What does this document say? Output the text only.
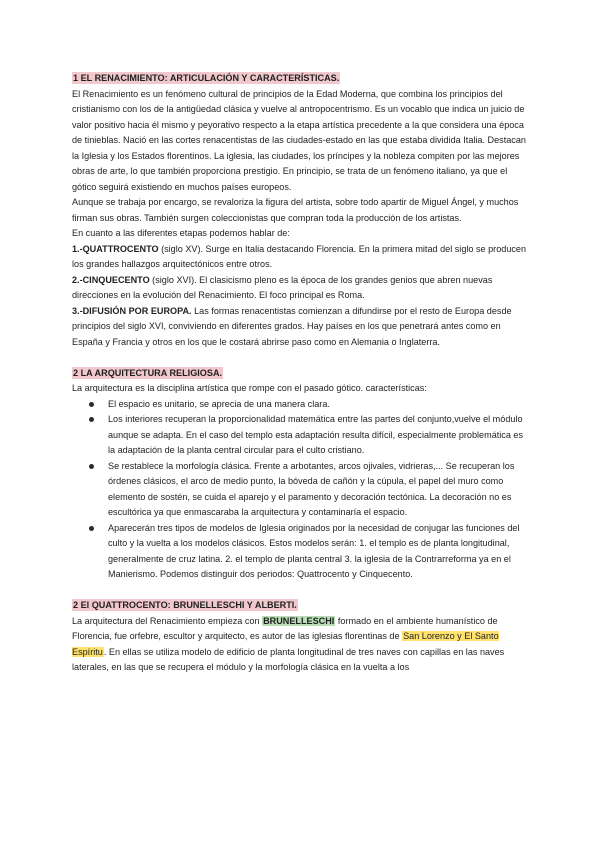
1 EL RENACIMIENTO: ARTICULACIÓN Y CARACTERÍSTICAS.

El Renacimiento es un fenómeno cultural de principios de la Edad Moderna, que combina los principios del cristianismo con los de la antigüedad clásica y vuelve al antropocentrismo. Es un vocablo que indica un juicio de valor positivo hacia él mismo y peyorativo respecto a la etapa artística precedente a la que considera una época de tinieblas. Nació en las cortes renacentistas de las ciudades-estado en las que estaba dividida Italia. Destacan la Iglesia y los Estados florentinos. La iglesia, las ciudades, los príncipes y la nobleza compiten por las mejores obras de arte, lo que también proporciona prestigio. En principio, se trata de un fenómeno italiano, ya que el gótico seguirá existiendo en muchos países europeos.

Aunque se trabaja por encargo, se revaloriza la figura del artista, sobre todo apartir de Miguel Ángel, y muchos firman sus obras. También surgen coleccionistas que compran toda la producción de los artistas.

En cuanto a las diferentes etapas podemos hablar de:

1.-QUATTROCENTO (siglo XV). Surge en Italia destacando Florencia. En la primera mitad del siglo se producen los grandes hallazgos arquitectónicos entre otros.

2.-CINQUECENTO (siglo XVI). El clasicismo pleno es la época de los grandes genios que abren nuevas direcciones en la evolución del Renacimiento. El foco principal es Roma.

3.-DIFUSIÓN POR EUROPA. Las formas renacentistas comienzan a difundirse por el resto de Europa desde principios del siglo XVI, conviviendo en diferentes grados. Hay países en los que penetrará antes como en España y Francia y otros en los que le costará abrirse paso como en Alemania o Inglaterra.

2 LA ARQUITECTURA RELIGIOSA.

La arquitectura es la disciplina artística que rompe con el pasado gótico. características:

El espacio es unitario, se aprecia de una manera clara.
Los interiores recuperan la proporcionalidad matemática entre las partes del conjunto,vuelve el módulo aunque se adapta. En el caso del templo esta adaptación resulta difícil, especialmente problemática es la adaptación de la planta central circular para el culto cristiano.
Se restablece la morfología clásica. Frente a arbotantes, arcos ojivales, vidrieras,... Se recuperan los órdenes clásicos, el arco de medio punto, la bóveda de cañón y la cúpula, el papel del muro como elemento de sostén, se cuida el aparejo y el paramento y decoración tectónica. La decoración no es escultórica ya que enmascaraba la arquitectura y contaminaría el espacio.
Aparecerán tres tipos de modelos de Iglesia originados por la necesidad de conjugar las funciones del culto y la vuelta a los modelos clásicos. Estos modelos serán: 1. el templo es de planta longitudinal, generalmente de cruz latina. 2. el templo de planta central 3. la iglesia de la Contrarreforma ya en el Manierismo. Podemos distinguir dos periodos: Quattrocento y Cinquecento.

2 El QUATTROCENTO: BRUNELLESCHI Y ALBERTI.

La arquitectura del Renacimiento empieza con BRUNELLESCHI formado en el ambiente humanístico de Florencia, fue orfebre, escultor y arquitecto, es autor de las iglesias florentinas de San Lorenzo y El Santo Espíritu. En ellas se utiliza modelo de edificio de planta longitudinal de tres naves con capillas en las naves laterales, en las que se recupera el módulo y la morfología clásica en la vuelta a los
